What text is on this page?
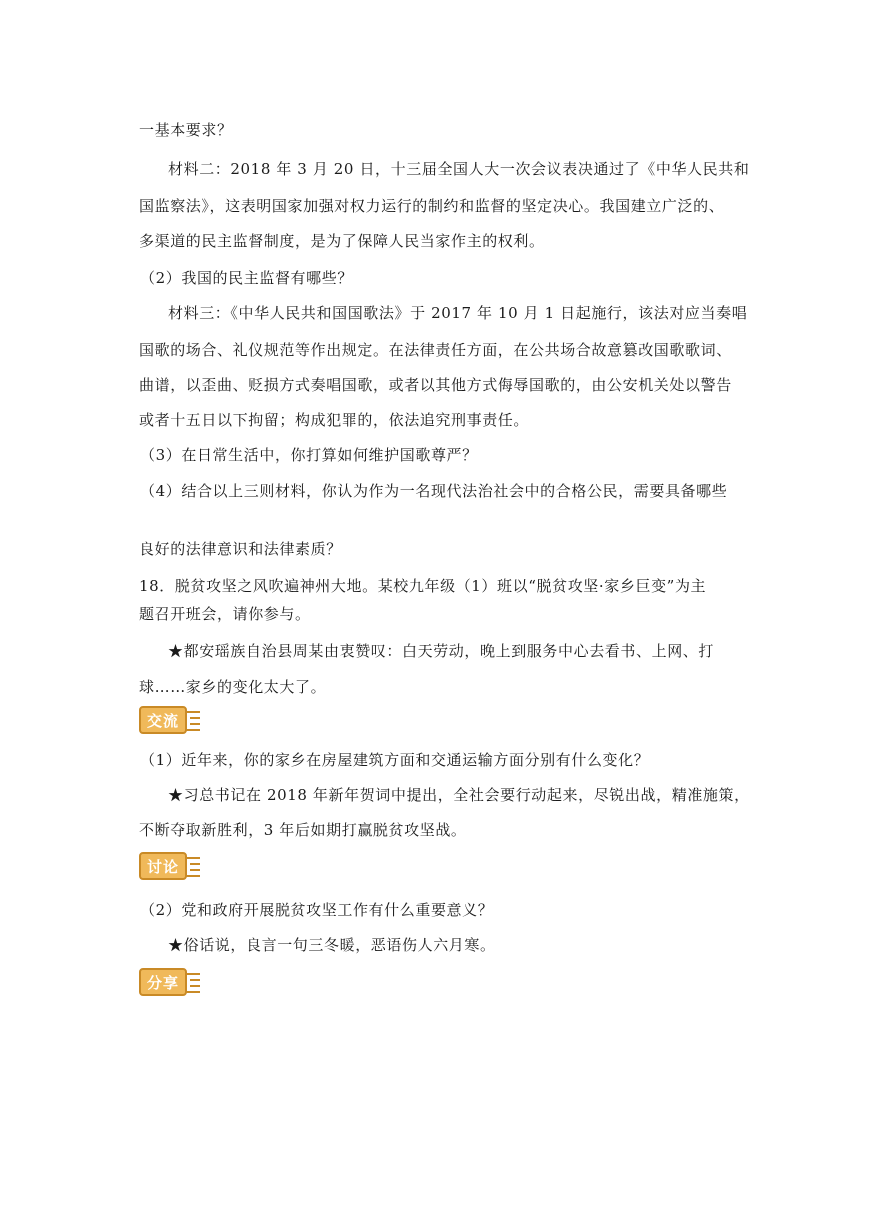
一基本要求？
材料二：2018 年 3 月 20 日，十三届全国人大一次会议表决通过了《中华人民共和
国监察法》，这表明国家加强对权力运行的制约和监督的坚定决心。我国建立广泛的、
多渠道的民主监督制度，是为了保障人民当家作主的权利。
（2）我国的民主监督有哪些？
材料三：《中华人民共和国国歌法》于 2017 年 10 月 1 日起施行，该法对应当奏唱
国歌的场合、礼仪规范等作出规定。在法律责任方面，在公共场合故意篡改国歌歌词、
曲谱，以歪曲、贬损方式奏唱国歌，或者以其他方式侮辱国歌的，由公安机关处以警告
或者十五日以下拘留；构成犯罪的，依法追究刑事责任。
（3）在日常生活中，你打算如何维护国歌尊严？
（4）结合以上三则材料，你认为作为一名现代法治社会中的合格公民，需要具备哪些
良好的法律意识和法律素质？
18．脱贫攻坚之风吹遍神州大地。某校九年级（1）班以“脱贫攻坚·家乡巨变”为主
题召开班会，请你参与。
★都安瑶族自治县周某由衷赞叹：白天劳动，晚上到服务中心去看书、上网、打
球……家乡的变化太大了。
交流
（1）近年来，你的家乡在房屋建筑方面和交通运输方面分别有什么变化？
★习总书记在 2018 年新年贺词中提出，全社会要行动起来，尽锐出战，精准施策，
不断夺取新胜利，3 年后如期打赢脱贫攻坚战。
讨论
（2）党和政府开展脱贫攻坚工作有什么重要意义？
★俗话说，良言一句三冬暖，恶语伤人六月寒。
分享
